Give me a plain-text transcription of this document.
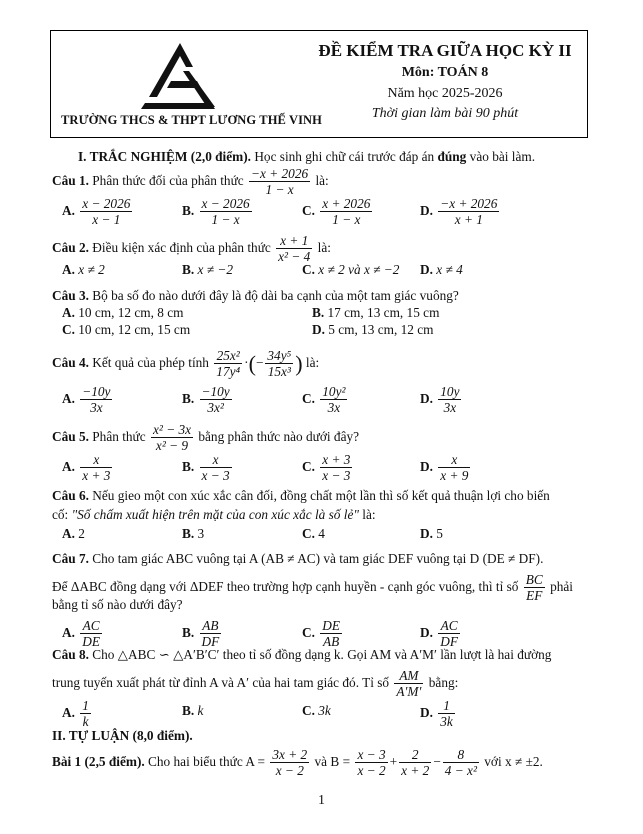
TRƯỜNG THCS & THPT LƯƠNG THẾ VINH
ĐỀ KIỂM TRA GIỮA HỌC KỲ II
Môn: TOÁN 8
Năm học 2025-2026
Thời gian làm bài 90 phút
I. TRẮC NGHIỆM (2,0 điểm). Học sinh ghi chữ cái trước đáp án đúng vào bài làm.
Câu 1. Phân thức đối của phân thức $\frac{-x + 2026}{1 - x}$ là:
A. $\frac{x - 2026}{x - 1}$	B. $\frac{x - 2026}{1 - x}$	C. $\frac{x + 2026}{1 - x}$	D. $\frac{-x + 2026}{x + 1}$
Câu 2. Điều kiện xác định của phân thức $\frac{x + 1}{\text{x² − 4}}$ là:
A. x ≠ 2	B. x ≠ −2	C. x ≠ 2 và x ≠ −2 D. x ≠ 4
Câu 3. Bộ ba số đo nào dưới đây là độ dài ba cạnh của một tam giác vuông?
A. 10 cm, 12 cm, 8 cm	B. 17 cm, 13 cm, 15 cm
C. 10 cm, 12 cm, 15 cm	D. 5 cm, 13 cm, 12 cm
Câu 4. Kết quả của phép tính $\frac{\text{25x²}}{\text{17y⁴}}$ ·(− $\frac{\text{34y⁵}}{\text{15x³}}$ ) là:
A. $\frac{-10y}{3x}$	B. $\frac{-10y}{\text{3x²}}$	C. $\frac{\text{10y²}}{3x}$	D. $\frac{10y}{3x}$
Câu 5. Phân thức $\frac{\text{x² − 3x}}{\text{x² − 9}}$ bằng phân thức nào dưới đây?
A. $\frac{x}{x + 3}$	B. $\frac{x}{x - 3}$	C. $\frac{x + 3}{x - 3}$	D. $\frac{x}{x + 9}$
Câu 6. Nếu gieo một con xúc xắc cân đối, đồng chất một lần thì số kết quả thuận lợi cho biến
cố: "Số chấm xuất hiện trên mặt của con xúc xắc là số lẻ" là:
A. 2	B. 3	C. 4	D. 5
Câu 7. Cho tam giác ABC vuông tại A (AB ≠ AC) và tam giác DEF vuông tại D (DE ≠ DF).
Để ΔABC đồng dạng với ΔDEF theo trường hợp cạnh huyền - cạnh góc vuông, thì tỉ số $\frac{BC}{EF}$ phải
bằng tỉ số nào dưới đây?
A. $\frac{AC}{DE}$	B. $\frac{AB}{DF}$	C. $\frac{DE}{AB}$	D. $\frac{AC}{DF}$
Câu 8. Cho △ABC ∽ △A′B′C′ theo tỉ số đồng dạng k. Gọi AM và A′M′ lần lượt là hai đường
trung tuyến xuất phát từ đỉnh A và A′ của hai tam giác đó. Tỉ số $\frac{AM}{A'M'}$ bằng:
A. $\frac{1}{k}$	B. k	C. 3k	D. $\frac{1}{3k}$
II. TỰ LUẬN (8,0 điểm).
Bài 1 (2,5 điểm). Cho hai biểu thức $A = \frac{3x + 2}{x - 2}$ và $B = \frac{x - 3}{x - 2} + \frac{2}{x + 2} - \frac{8}{\text{4 − x²}}$ với x ≠ ±2.
1
